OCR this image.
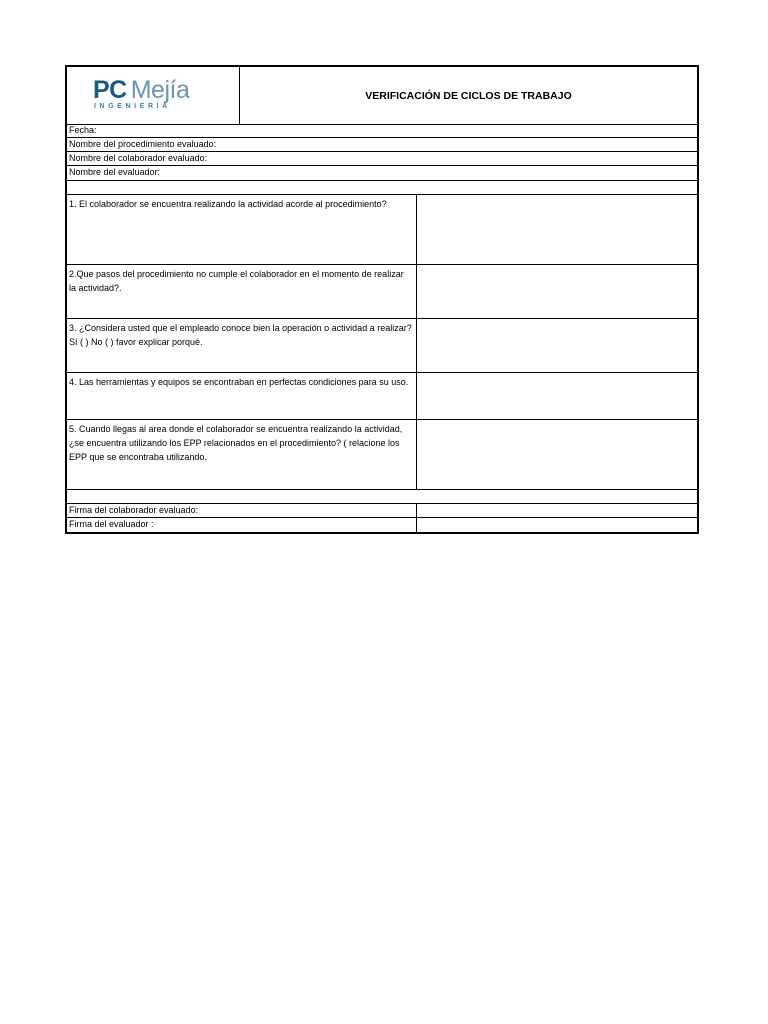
PC Mejía
INGENIERÍA
VERIFICACIÓN DE CICLOS DE TRABAJO
Fecha:
Nombre del procedimiento evaluado:
Nombre del colaborador evaluado:
Nombre del evaluador:
1. El colaborador se encuentra realizando la actividad acorde al procedimiento?
2.Que pasos del procedimiento no cumple el colaborador en el momento de realizar la actividad?.
3. ¿Considera usted que el empleado conoce bien la operación o actividad a realizar? Sí ( ) No ( ) favor explicar porqué.
4. Las herramientas y equipos se encontraban en perfectas condiciones para su uso.
5. Cuando llegas al area donde el colaborador se encuentra realizando la actividad, ¿se encuentra utilizando los EPP relacionados en el procedimiento? ( relacione los EPP que se encontraba utilizando.
Firma del colaborador evaluado:
Firma del evaluador :
